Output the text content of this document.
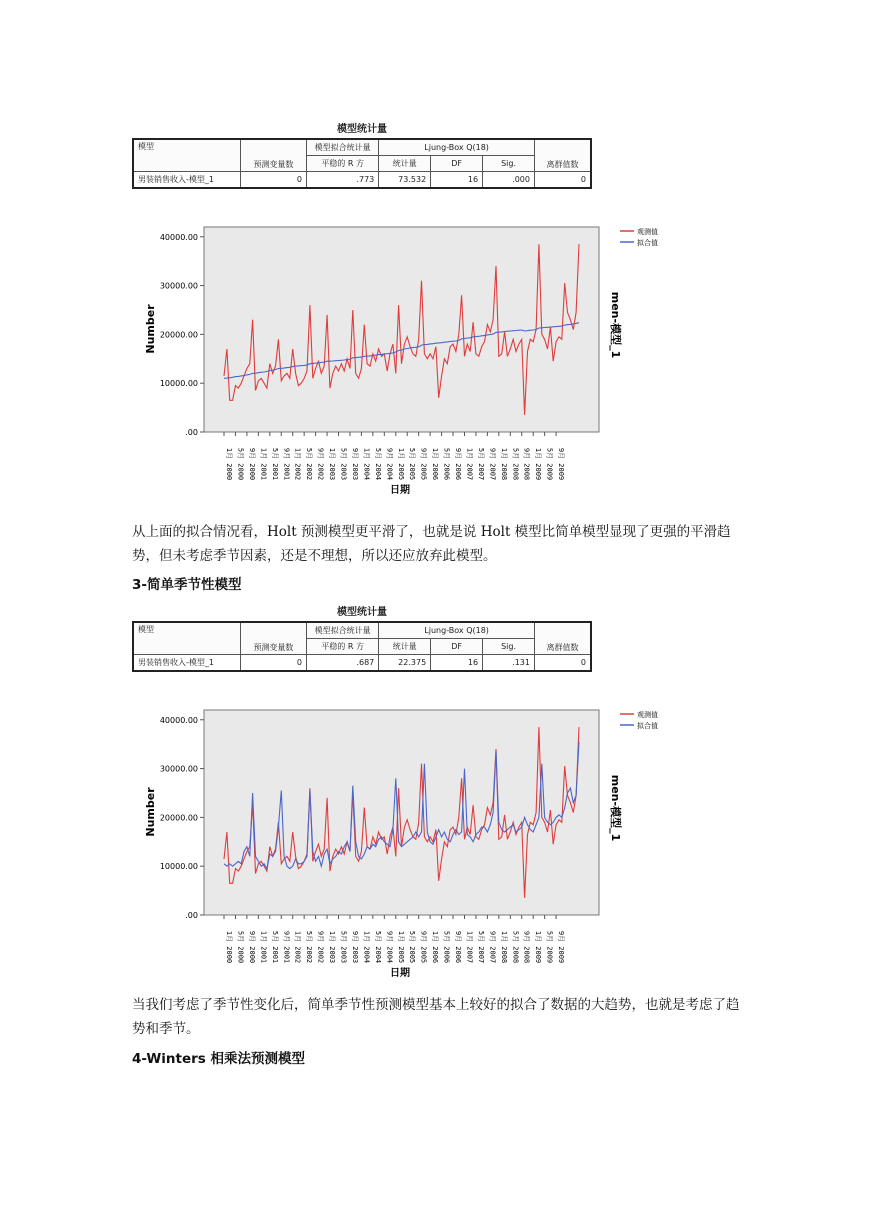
模型统计量
模型	预测变量数	模型拟合统计量	Ljung-Box Q(18)			离群值数
		平稳的 R 方	统计量	DF	Sig.	
男装销售收入-模型_1	0	.773	73.532	16	.000	0
Number	men-模型_1
日期
观测值
拟合值
40000.00
30000.00
20000.00
10000.00
.00
1月 2000 5月 2000 9月 2000 1月 2001 5月 2001 9月 2001 1月 2002 5月 2002 9月 2002 1月 2003 5月 2003 9月 2003 1月 2004 5月 2004 9月 2004 1月 2005 5月 2005 9月 2005 1月 2006 5月 2006 9月 2006 1月 2007 5月 2007 9月 2007 1月 2008 5月 2008 9月 2008 1月 2009 5月 2009 9月 2009
从上面的拟合情况看，Holt 预测模型更平滑了，也就是说 Holt 模型比简单模型显现了更强的平滑趋势，但未考虑季节因素，还是不理想，所以还应放弃此模型。
3-简单季节性模型
模型统计量
模型	预测变量数	模型拟合统计量	Ljung-Box Q(18)			离群值数
		平稳的 R 方	统计量	DF	Sig.	
男装销售收入-模型_1	0	.687	22.375	16	.131	0
Number	men-模型_1
日期
观测值
拟合值
40000.00
30000.00
20000.00
10000.00
.00
1月 2000 5月 2000 9月 2000 1月 2001 5月 2001 9月 2001 1月 2002 5月 2002 9月 2002 1月 2003 5月 2003 9月 2003 1月 2004 5月 2004 9月 2004 1月 2005 5月 2005 9月 2005 1月 2006 5月 2006 9月 2006 1月 2007 5月 2007 9月 2007 1月 2008 5月 2008 9月 2008 1月 2009 5月 2009 9月 2009
当我们考虑了季节性变化后，简单季节性预测模型基本上较好的拟合了数据的大趋势，也就是考虑了趋势和季节。
4-Winters 相乘法预测模型
